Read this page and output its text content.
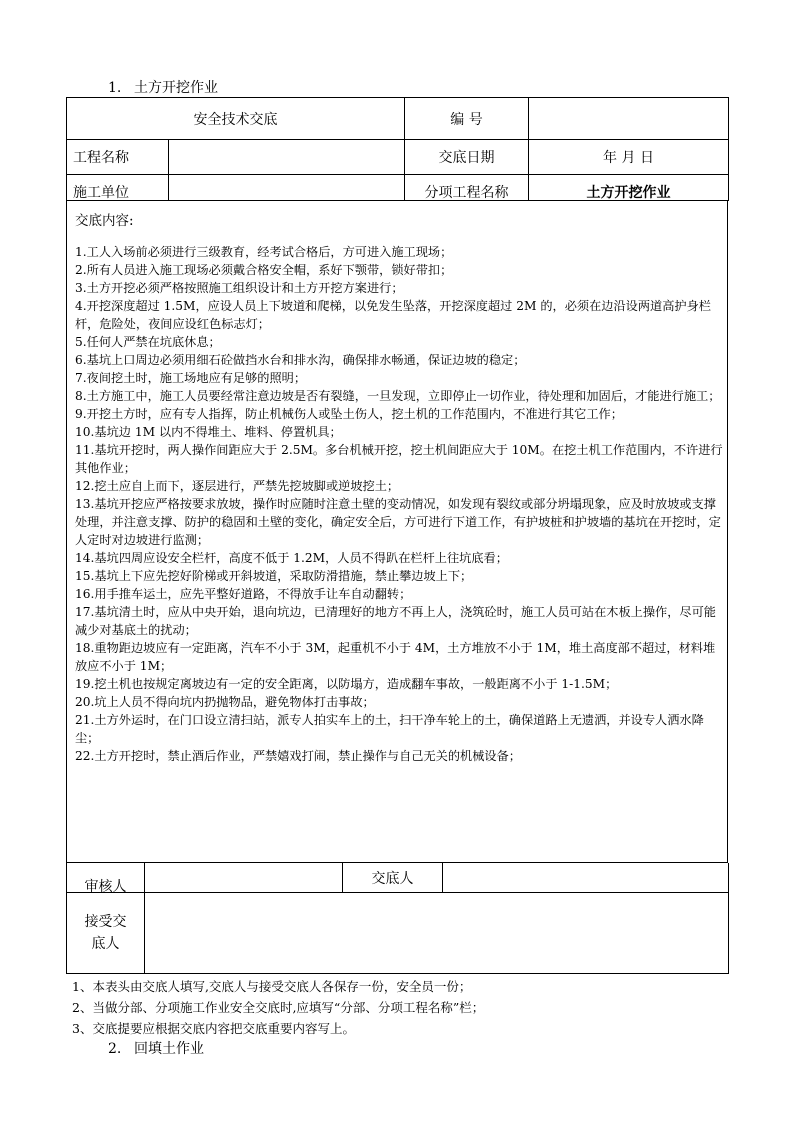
1. 土方开挖作业
安全技术交底		编 号	
工程名称		交底日期	年 月 日

施工单位		分项工程名称	土方开挖作业
交底内容:
1.工人入场前必须进行三级教育，经考试合格后，方可进入施工现场；
2.所有人员进入施工现场必须戴合格安全帽，系好下颚带，锁好带扣；
3.土方开挖必须严格按照施工组织设计和土方开挖方案进行；
4.开挖深度超过 1.5M，应设人员上下坡道和爬梯，以免发生坠落，开挖深度超过 2M 的，必须在边沿设两道高护身栏杆，危险处，夜间应设红色标志灯；
5.任何人严禁在坑底休息；
6.基坑上口周边必须用细石砼做挡水台和排水沟，确保排水畅通，保证边坡的稳定；
7.夜间挖土时，施工场地应有足够的照明；
8.土方施工中，施工人员要经常注意边坡是否有裂缝，一旦发现，立即停止一切作业，待处理和加固后，才能进行施工；
9.开挖土方时，应有专人指挥，防止机械伤人或坠土伤人，挖土机的工作范围内，不准进行其它工作；
10.基坑边 1M 以内不得堆土、堆料、停置机具；
11.基坑开挖时，两人操作间距应大于 2.5M。多台机械开挖，挖土机间距应大于 10M。在挖土机工作范围内，不许进行其他作业；
12.挖土应自上而下，逐层进行，严禁先挖坡脚或逆坡挖土；
13.基坑开挖应严格按要求放坡，操作时应随时注意土壁的变动情况，如发现有裂纹或部分坍塌现象，应及时放坡或支撑处理，并注意支撑、防护的稳固和土壁的变化，确定安全后，方可进行下道工作，有护坡桩和护坡墙的基坑在开挖时，定人定时对边坡进行监测；
14.基坑四周应设安全栏杆，高度不低于 1.2M，人员不得趴在栏杆上往坑底看；
15.基坑上下应先挖好阶梯或开斜坡道，采取防滑措施，禁止攀边坡上下；
16.用手推车运土，应先平整好道路，不得放手让车自动翻转；
17.基坑清土时，应从中央开始，退向坑边，已清理好的地方不再上人，浇筑砼时，施工人员可站在木板上操作，尽可能减少对基底土的扰动；
18.重物距边坡应有一定距离，汽车不小于 3M，起重机不小于 4M，土方堆放不小于 1M，堆土高度部不超过，材料堆放应不小于 1M；
19.挖土机也按规定离坡边有一定的安全距离，以防塌方，造成翻车事故，一般距离不小于 1-1.5M；
20.坑上人员不得向坑内扔抛物品，避免物体打击事故；
21.土方外运时，在门口设立清扫站，派专人拍实车上的土，扫干净车轮上的土，确保道路上无遗洒，并设专人洒水降尘；
22.土方开挖时，禁止酒后作业，严禁嬉戏打闹，禁止操作与自己无关的机械设备；
审核人		交底人	

接受交
底人			

1、本表头由交底人填写,交底人与接受交底人各保存一份，安全员一份；
2、当做分部、分项施工作业安全交底时,应填写“分部、分项工程名称”栏；
3、交底提要应根据交底内容把交底重要内容写上。
2. 回填土作业
